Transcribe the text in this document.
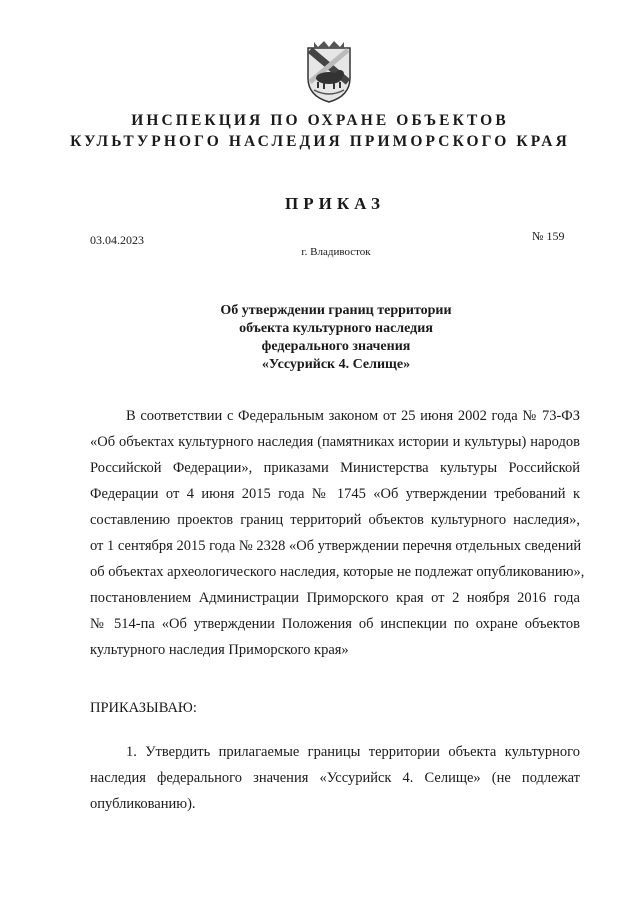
ИНСПЕКЦИЯ ПО ОХРАНЕ ОБЪЕКТОВ
КУЛЬТУРНОГО НАСЛЕДИЯ ПРИМОРСКОГО КРАЯ
ПРИКАЗ
03.04.2023	№ 159
г. Владивосток
Об утверждении границ территории
объекта культурного наследия
федерального значения
«Уссурийск 4. Селище»
В соответствии с Федеральным законом от 25 июня 2002 года № 73-ФЗ
«Об объектах культурного наследия (памятниках истории и культуры) народов
Российской Федерации», приказами Министерства культуры Российской
Федерации от 4 июня 2015 года № 1745 «Об утверждении требований к
составлению проектов границ территорий объектов культурного наследия»,
от 1 сентября 2015 года № 2328 «Об утверждении перечня отдельных сведений
об объектах археологического наследия, которые не подлежат опубликованию»,
постановлением Администрации Приморского края от 2 ноября 2016 года
№ 514-па «Об утверждении Положения об инспекции по охране объектов
культурного наследия Приморского края»
ПРИКАЗЫВАЮ:
1. Утвердить прилагаемые границы территории объекта культурного
наследия федерального значения «Уссурийск 4. Селище» (не подлежат
опубликованию).
